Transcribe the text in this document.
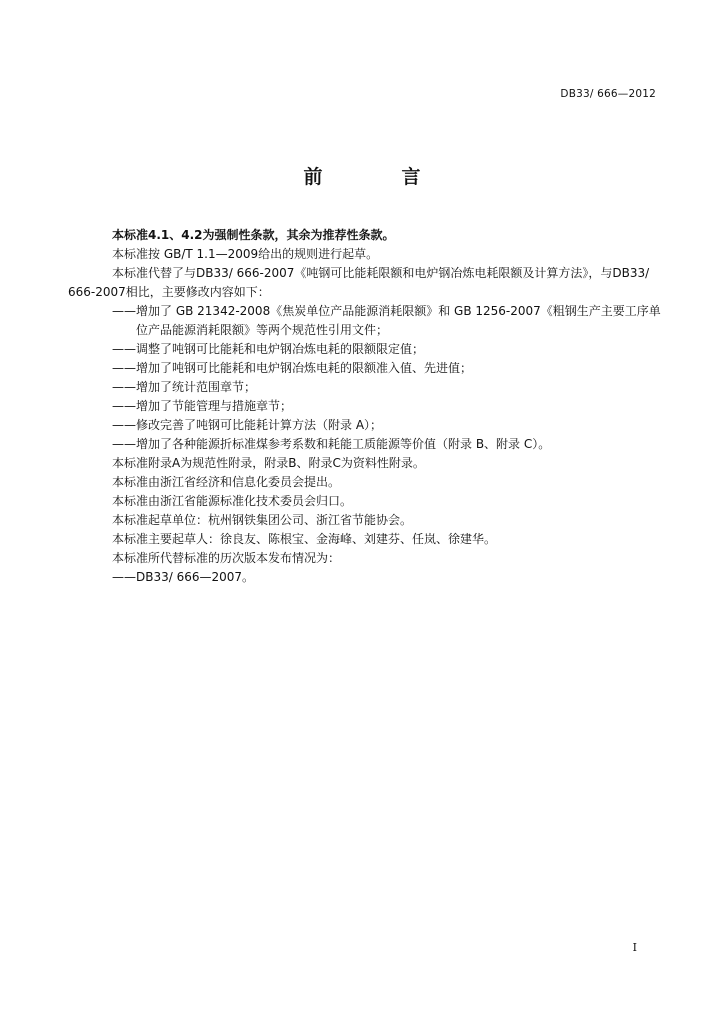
DB33/ 666—2012
前　言

本标准4.1、4.2为强制性条款，其余为推荐性条款。

本标准按 GB/T 1.1—2009给出的规则进行起草。

本标准代替了与DB33/ 666-2007《吨钢可比能耗限额和电炉钢冶炼电耗限额及计算方法》，与DB33/

666-2007相比，主要修改内容如下：

——增加了 GB 21342-2008《焦炭单位产品能源消耗限额》和 GB 1256-2007《粗钢生产主要工序单

位产品能源消耗限额》等两个规范性引用文件；

——调整了吨钢可比能耗和电炉钢冶炼电耗的限额限定值；

——增加了吨钢可比能耗和电炉钢冶炼电耗的限额准入值、先进值；

——增加了统计范围章节；

——增加了节能管理与措施章节；

——修改完善了吨钢可比能耗计算方法（附录 A）；

——增加了各种能源折标准煤参考系数和耗能工质能源等价值（附录 B、附录 C）。

本标准附录A为规范性附录，附录B、附录C为资料性附录。

本标准由浙江省经济和信息化委员会提出。

本标准由浙江省能源标准化技术委员会归口。

本标准起草单位：杭州钢铁集团公司、浙江省节能协会。

本标准主要起草人：徐良友、陈根宝、金海峰、刘建芬、任岚、徐建华。

本标准所代替标准的历次版本发布情况为：

——DB33/ 666—2007。

I
